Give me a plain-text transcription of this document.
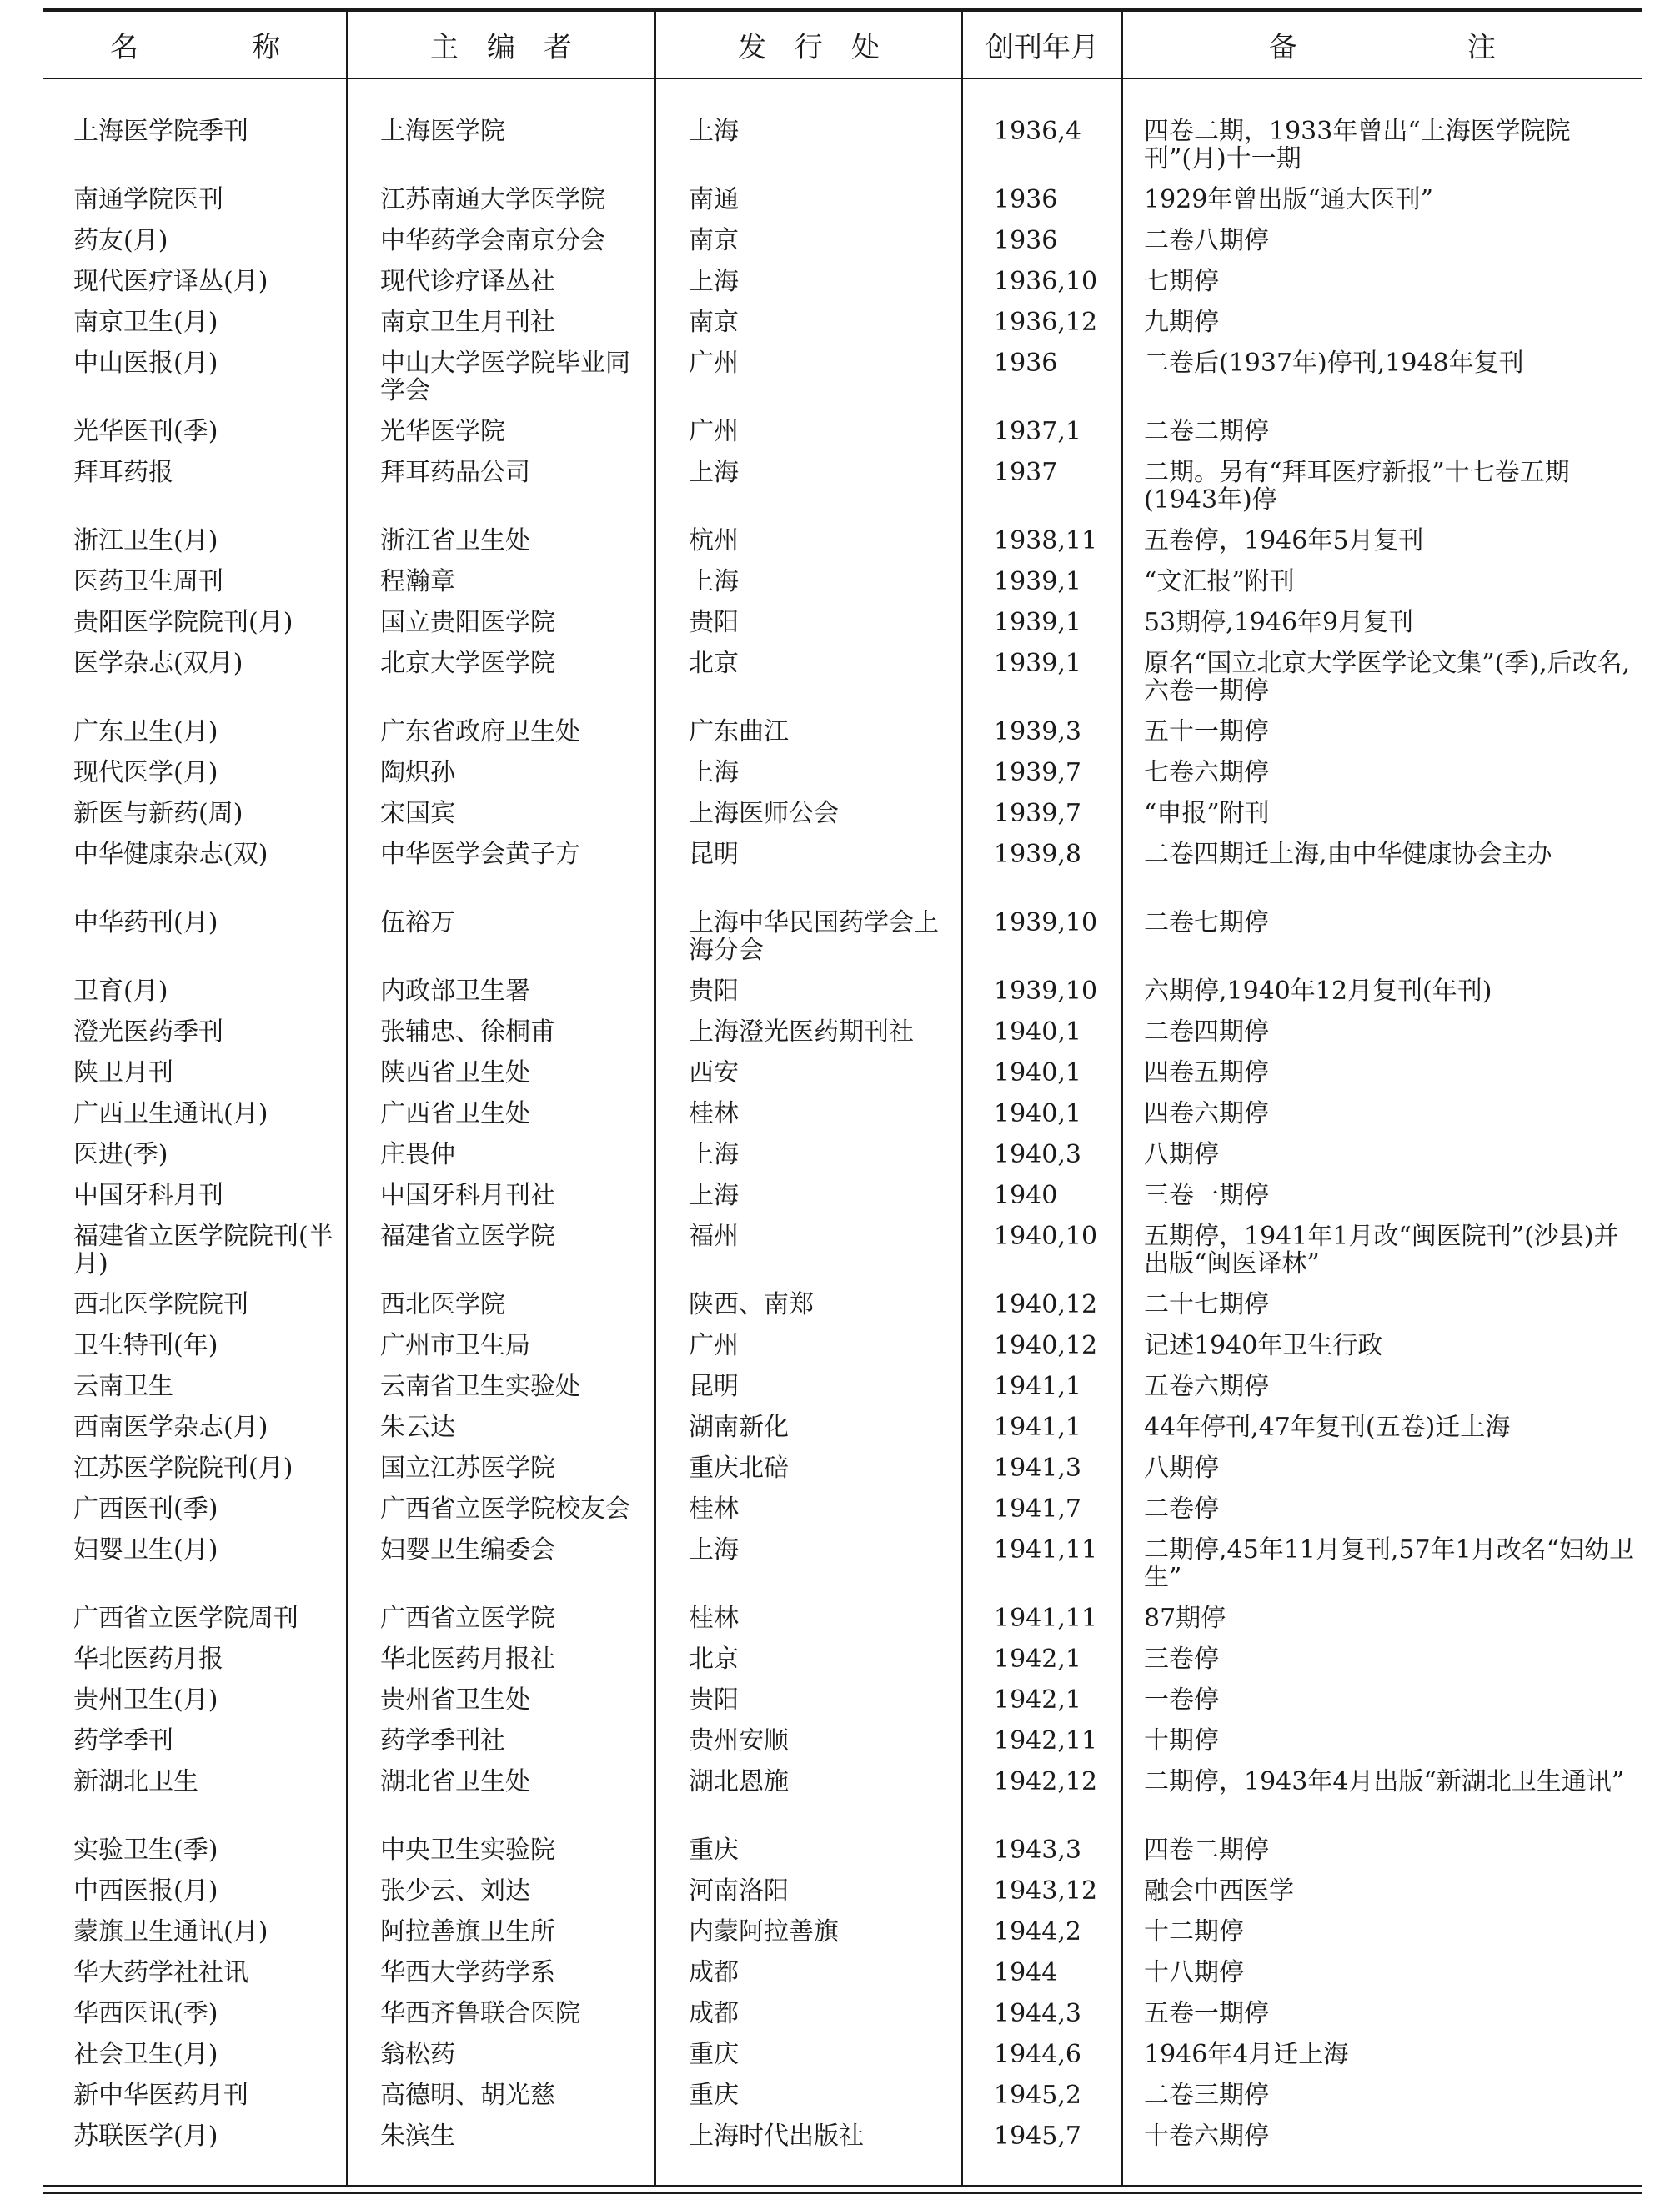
名　　　　称	主　编　者	发　行　处	创刊年月	备　　　　　　注
上海医学院季刊	上海医学院	上海	1936,4	四卷二期，1933年曾出“上海医学院院刊”(月)十一期
南通学院医刊	江苏南通大学医学院	南通	1936	1929年曾出版“通大医刊”
药友(月)	中华药学会南京分会	南京	1936	二卷八期停
现代医疗译丛(月)	现代诊疗译丛社	上海	1936,10	七期停
南京卫生(月)	南京卫生月刊社	南京	1936,12	九期停
中山医报(月)	中山大学医学院毕业同学会	广州	1936	二卷后(1937年)停刊,1948年复刊
光华医刊(季)	光华医学院	广州	1937,1	二卷二期停
拜耳药报	拜耳药品公司	上海	1937	二期。另有“拜耳医疗新报”十七卷五期(1943年)停
浙江卫生(月)	浙江省卫生处	杭州	1938,11	五卷停，1946年5月复刊
医药卫生周刊	程瀚章	上海	1939,1	“文汇报”附刊
贵阳医学院院刊(月)	国立贵阳医学院	贵阳	1939,1	53期停,1946年9月复刊
医学杂志(双月)	北京大学医学院	北京	1939,1	原名“国立北京大学医学论文集”(季),后改名,六卷一期停
广东卫生(月)	广东省政府卫生处	广东曲江	1939,3	五十一期停
现代医学(月)	陶炽孙	上海	1939,7	七卷六期停
新医与新药(周)	宋国宾	上海医师公会	1939,7	“申报”附刊
中华健康杂志(双)	中华医学会黄子方	昆明	1939,8	二卷四期迁上海,由中华健康协会主办
中华药刊(月)	伍裕万	上海中华民国药学会上海分会	1939,10	二卷七期停
卫育(月)	内政部卫生署	贵阳	1939,10	六期停,1940年12月复刊(年刊)
澄光医药季刊	张辅忠、徐桐甫	上海澄光医药期刊社	1940,1	二卷四期停
陕卫月刊	陕西省卫生处	西安	1940,1	四卷五期停
广西卫生通讯(月)	广西省卫生处	桂林	1940,1	四卷六期停
医进(季)	庄畏仲	上海	1940,3	八期停
中国牙科月刊	中国牙科月刊社	上海	1940	三卷一期停
福建省立医学院院刊(半月)	福建省立医学院	福州	1940,10	五期停，1941年1月改“闽医院刊”(沙县)并出版“闽医译林”
西北医学院院刊	西北医学院	陕西、南郑	1940,12	二十七期停
卫生特刊(年)	广州市卫生局	广州	1940,12	记述1940年卫生行政
云南卫生	云南省卫生实验处	昆明	1941,1	五卷六期停
西南医学杂志(月)	朱云达	湖南新化	1941,1	44年停刊,47年复刊(五卷)迁上海
江苏医学院院刊(月)	国立江苏医学院	重庆北碚	1941,3	八期停
广西医刊(季)	广西省立医学院校友会	桂林	1941,7	二卷停
妇婴卫生(月)	妇婴卫生编委会	上海	1941,11	二期停,45年11月复刊,57年1月改名“妇幼卫生”
广西省立医学院周刊	广西省立医学院	桂林	1941,11	87期停
华北医药月报	华北医药月报社	北京	1942,1	三卷停
贵州卫生(月)	贵州省卫生处	贵阳	1942,1	一卷停
药学季刊	药学季刊社	贵州安顺	1942,11	十期停
新湖北卫生	湖北省卫生处	湖北恩施	1942,12	二期停，1943年4月出版“新湖北卫生通讯”
实验卫生(季)	中央卫生实验院	重庆	1943,3	四卷二期停
中西医报(月)	张少云、刘达	河南洛阳	1943,12	融会中西医学
蒙旗卫生通讯(月)	阿拉善旗卫生所	内蒙阿拉善旗	1944,2	十二期停
华大药学社社讯	华西大学药学系	成都	1944	十八期停
华西医讯(季)	华西齐鲁联合医院	成都	1944,3	五卷一期停
社会卫生(月)	翁松药	重庆	1944,6	1946年4月迁上海
新中华医药月刊	高德明、胡光慈	重庆	1945,2	二卷三期停
苏联医学(月)	朱滨生	上海时代出版社	1945,7	十卷六期停
